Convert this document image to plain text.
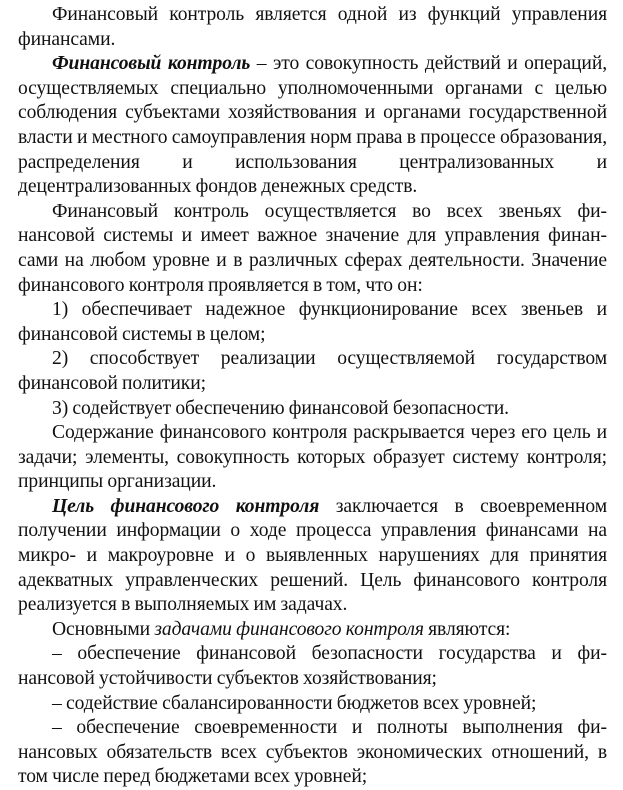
Финансовый контроль является одной из функций управления финансами.

Финансовый контроль – это совокупность действий и операций, осуществляемых специально уполномоченными органами с целью соблюдения субъектами хозяйствования и органами государственной власти и местного самоуправления норм права в процессе образования, распределения и использования централизованных и децентрализованных фондов денежных средств.

Финансовый контроль осуществляется во всех звеньях финансовой системы и имеет важное значение для управления финансами на любом уровне и в различных сферах деятельности. Значение финансового контроля проявляется в том, что он:

1) обеспечивает надежное функционирование всех звеньев и финансовой системы в целом;

2) способствует реализации осуществляемой государством финансовой политики;

3) содействует обеспечению финансовой безопасности.

Содержание финансового контроля раскрывается через его цель и задачи; элементы, совокупность которых образует систему контроля; принципы организации.

Цель финансового контроля заключается в своевременном получении информации о ходе процесса управления финансами на микро- и макроуровне и о выявленных нарушениях для принятия адекватных управленческих решений. Цель финансового контроля реализуется в выполняемых им задачах.

Основными задачами финансового контроля являются:

– обеспечение финансовой безопасности государства и финансовой устойчивости субъектов хозяйствования;

– содействие сбалансированности бюджетов всех уровней;

– обеспечение своевременности и полноты выполнения финансовых обязательств всех субъектов экономических отношений, в том числе перед бюджетами всех уровней;
